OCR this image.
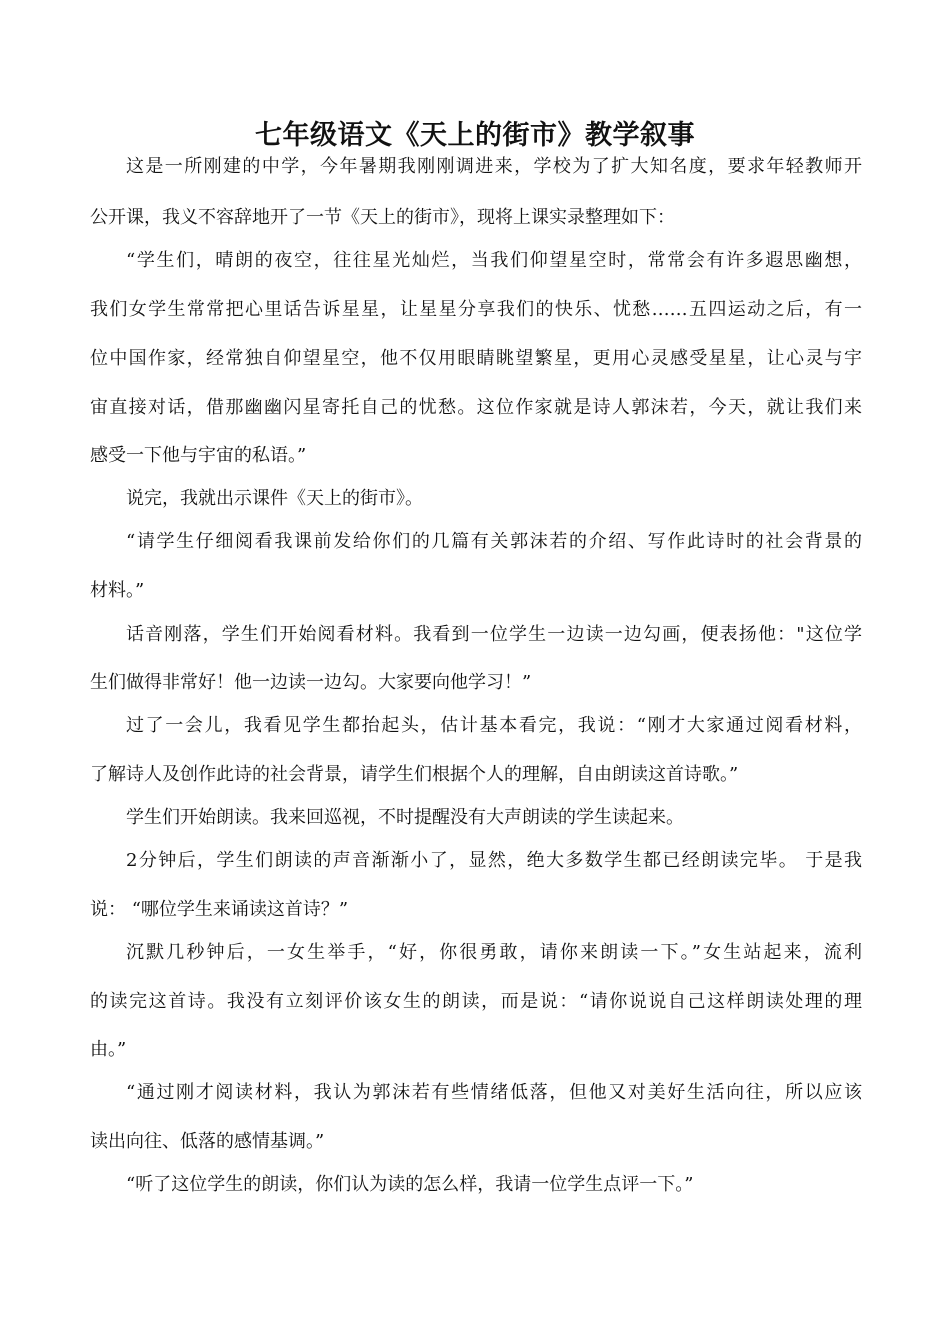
七年级语文《天上的街市》教学叙事
这是一所刚建的中学，今年暑期我刚刚调进来，学校为了扩大知名度，要求年轻教师开
公开课，我义不容辞地开了一节《天上的街市》，现将上课实录整理如下：
“学生们，晴朗的夜空，往往星光灿烂，当我们仰望星空时，常常会有许多遐思幽想，
我们女学生常常把心里话告诉星星，让星星分享我们的快乐、忧愁……五四运动之后，有一
位中国作家，经常独自仰望星空，他不仅用眼睛眺望繁星，更用心灵感受星星，让心灵与宇
宙直接对话，借那幽幽闪星寄托自己的忧愁。这位作家就是诗人郭沫若，今天，就让我们来
感受一下他与宇宙的私语。”
说完，我就出示课件《天上的街市》。
“请学生仔细阅看我课前发给你们的几篇有关郭沫若的介绍、写作此诗时的社会背景的
材料。”
话音刚落，学生们开始阅看材料。我看到一位学生一边读一边勾画，便表扬他："这位学
生们做得非常好！他一边读一边勾。大家要向他学习！”
过了一会儿，我看见学生都抬起头，估计基本看完，我说：“刚才大家通过阅看材料，
了解诗人及创作此诗的社会背景，请学生们根据个人的理解，自由朗读这首诗歌。”
学生们开始朗读。我来回巡视，不时提醒没有大声朗读的学生读起来。
2分钟后，学生们朗读的声音渐渐小了，显然，绝大多数学生都已经朗读完毕。 于是我
说： “哪位学生来诵读这首诗？”
沉默几秒钟后，一女生举手，“好，你很勇敢，请你来朗读一下。”女生站起来，流利
的读完这首诗。我没有立刻评价该女生的朗读，而是说：“请你说说自己这样朗读处理的理
由。”
“通过刚才阅读材料，我认为郭沫若有些情绪低落，但他又对美好生活向往，所以应该
读出向往、低落的感情基调。”
“听了这位学生的朗读，你们认为读的怎么样，我请一位学生点评一下。”
